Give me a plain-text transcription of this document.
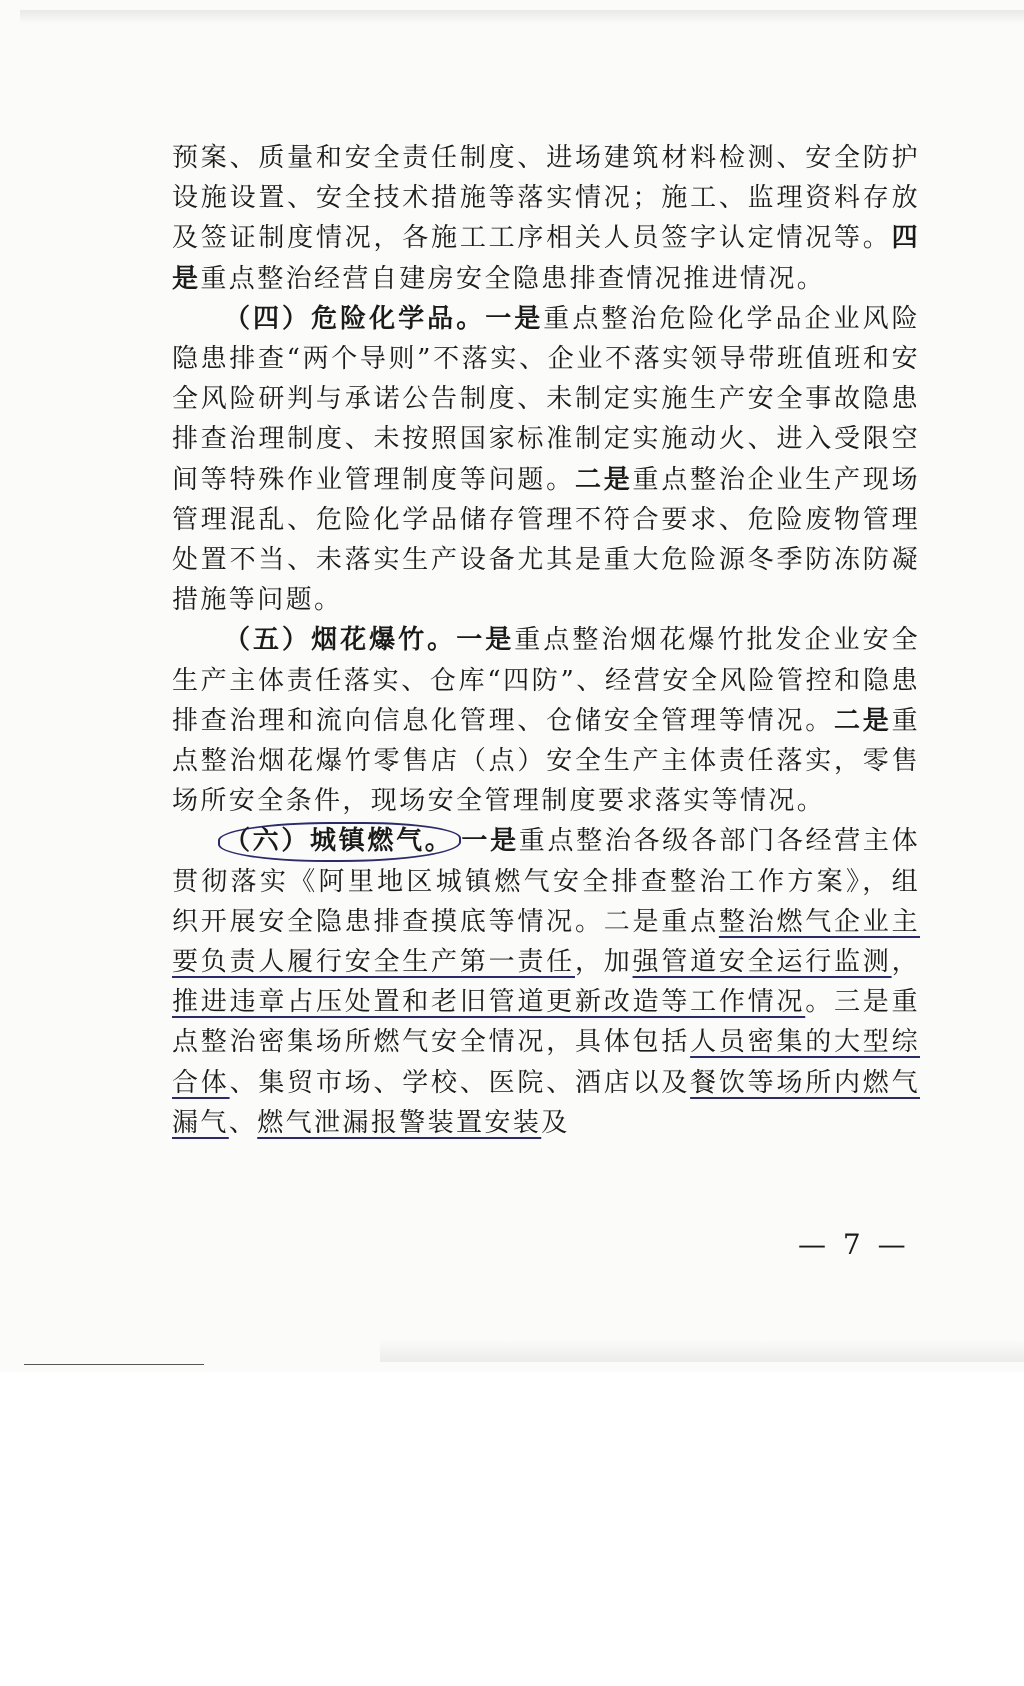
预案、质量和安全责任制度、进场建筑材料检测、安全防护设施设置、安全技术措施等落实情况；施工、监理资料存放及签证制度情况，各施工工序相关人员签字认定情况等。四是重点整治经营自建房安全隐患排查情况推进情况。

（四）危险化学品。一是重点整治危险化学品企业风险隐患排查“两个导则”不落实、企业不落实领导带班值班和安全风险研判与承诺公告制度、未制定实施生产安全事故隐患排查治理制度、未按照国家标准制定实施动火、进入受限空间等特殊作业管理制度等问题。二是重点整治企业生产现场管理混乱、危险化学品储存管理不符合要求、危险废物管理处置不当、未落实生产设备尤其是重大危险源冬季防冻防凝措施等问题。

（五）烟花爆竹。一是重点整治烟花爆竹批发企业安全生产主体责任落实、仓库“四防”、经营安全风险管控和隐患排查治理和流向信息化管理、仓储安全管理等情况。二是重点整治烟花爆竹零售店（点）安全生产主体责任落实，零售场所安全条件，现场安全管理制度要求落实等情况。

（六）城镇燃气。 一是重点整治各级各部门各经营主体贯彻落实《阿里地区城镇燃气安全排查整治工作方案》，组织开展安全隐患排查摸底等情况。二是重点整治燃气企业主要负责人履行安全生产第一责任，加强管道安全运行监测，推进违章占压处置和老旧管道更新改造等工作情况。三是重点整治密集场所燃气安全情况，具体包括人员密集的大型综合体、集贸市场、学校、医院、酒店以及餐饮等场所内燃气漏气、燃气泄漏报警装置安装及

— 7 —
